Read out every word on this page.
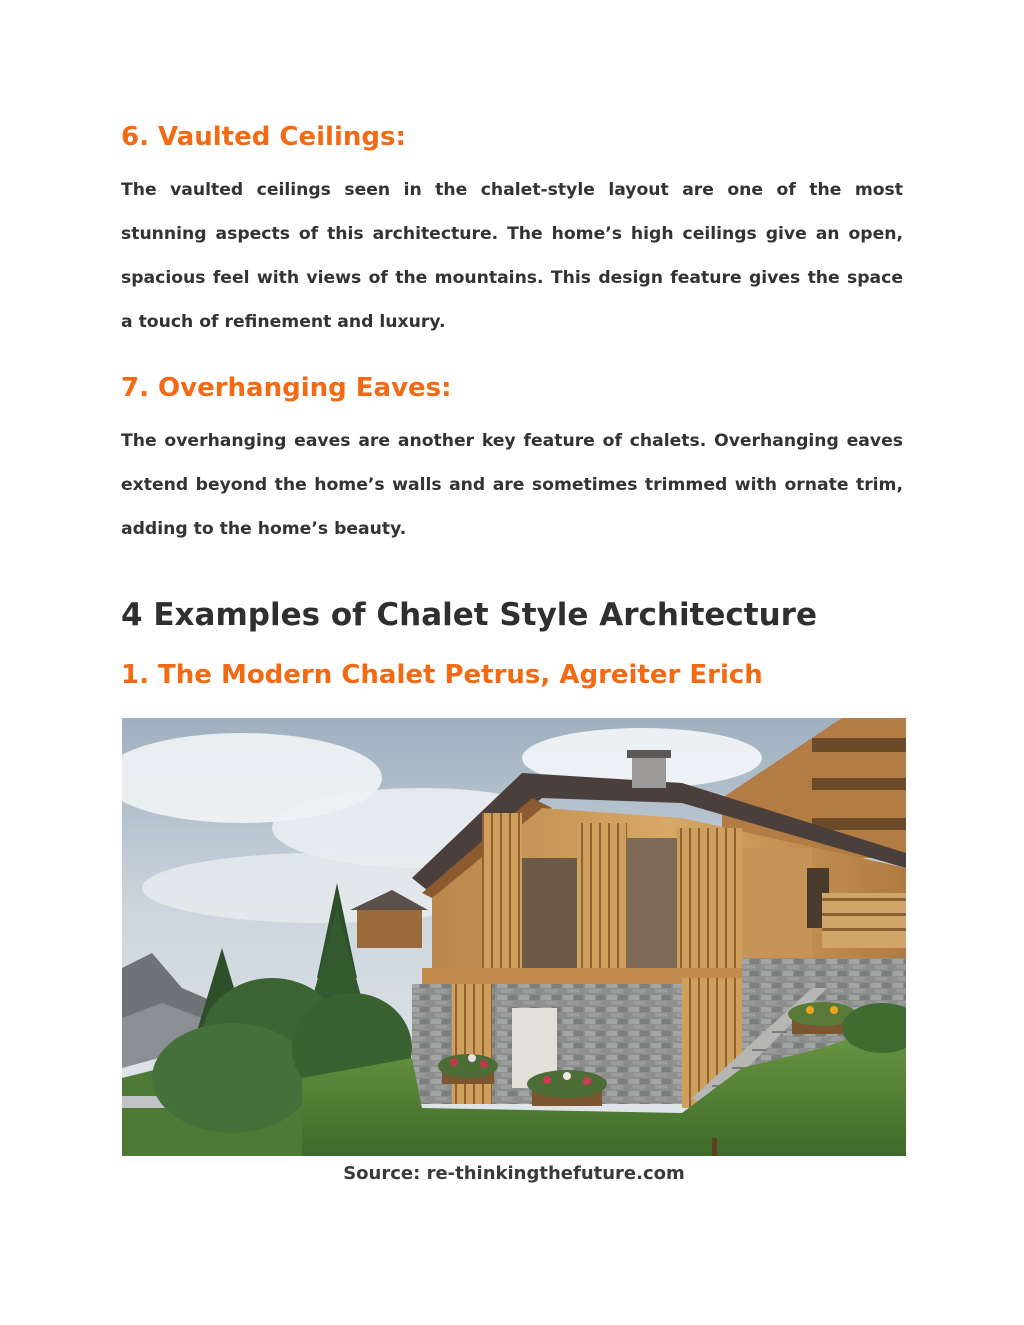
6. Vaulted Ceilings:

The vaulted ceilings seen in the chalet-style layout are one of the most stunning aspects of this architecture. The home’s high ceilings give an open, spacious feel with views of the mountains. This design feature gives the space a touch of refinement and luxury.

7. Overhanging Eaves:

The overhanging eaves are another key feature of chalets. Overhanging eaves extend beyond the home’s walls and are sometimes trimmed with ornate trim, adding to the home’s beauty.

4 Examples of Chalet Style Architecture
1. The Modern Chalet Petrus, Agreiter Erich
Source: re-thinkingthefuture.com
